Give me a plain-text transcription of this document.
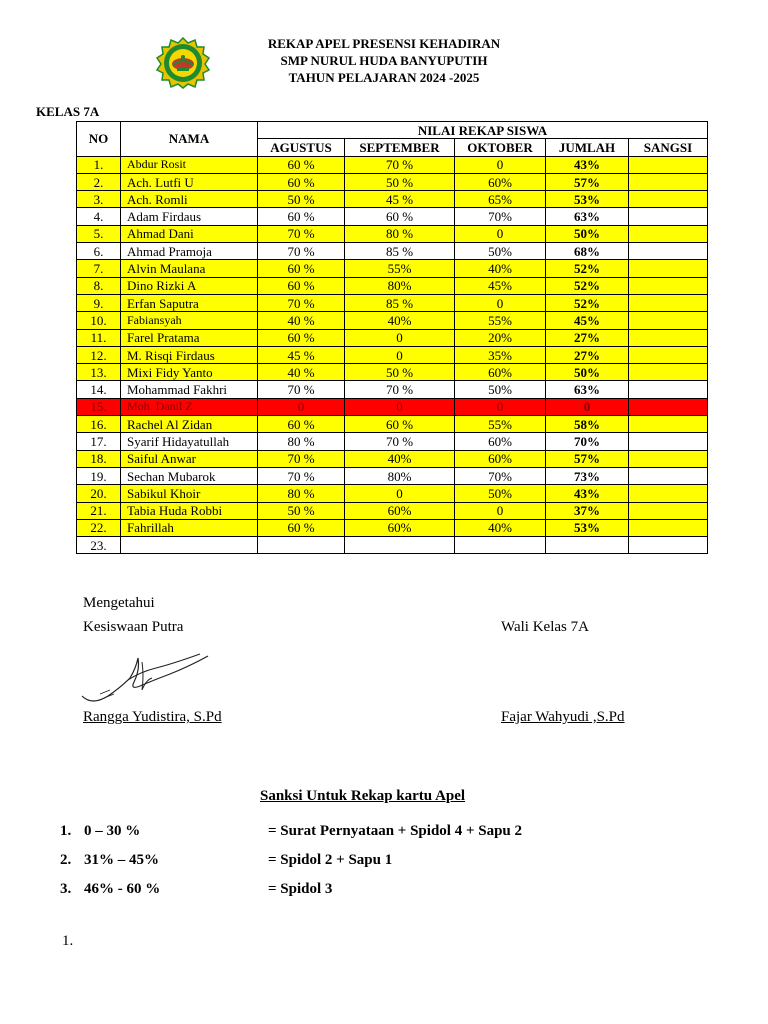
REKAP APEL PRESENSI KEHADIRAN
SMP NURUL HUDA BANYUPUTIH
TAHUN PELAJARAN 2024 -2025
KELAS 7A
NO	NAMA	NILAI REKAP SISWA				
		AGUSTUS	SEPTEMBER	OKTOBER	JUMLAH	SANGSI
1.	Abdur Rosit	60 %	70 %	0	43%	
2.	Ach. Lutfi U	60 %	50 %	60%	57%	
3.	Ach. Romli	50 %	45 %	65%	53%	
4.	Adam Firdaus	60 %	60 %	70%	63%	
5.	Ahmad Dani	70 %	80 %	0	50%	
6.	Ahmad Pramoja	70 %	85 %	50%	68%	
7.	Alvin Maulana	60 %	55%	40%	52%	
8.	Dino Rizki A	60 %	80%	45%	52%	
9.	Erfan Saputra	70 %	85 %	0	52%	
10.	Fabiansyah	40 %	40%	55%	45%	
11.	Farel Pratama	60 %	0	20%	27%	
12.	M. Risqi Firdaus	45 %	0	35%	27%	
13.	Mixi Fidy Yanto	40 %	50 %	60%	50%	
14.	Mohammad Fakhri	70 %	70 %	50%	63%	
15.	Moh. Danil Z	0	0	0	0	
16.	Rachel Al Zidan	60 %	60 %	55%	58%	
17.	Syarif Hidayatullah	80 %	70 %	60%	70%	
18.	Saiful Anwar	70 %	40%	60%	57%	
19.	Sechan Mubarok	70 %	80%	70%	73%	
20.	Sabikul Khoir	80 %	0	50%	43%	
21.	Tabia Huda Robbi	50 %	60%	0	37%	
22.	Fahrillah	60 %	60%	40%	53%	
23.						
Mengetahui
Kesiswaan Putra	Wali Kelas 7A
Rangga Yudistira, S.Pd	Fajar Wahyudi ,S.Pd
Sanksi Untuk Rekap kartu Apel
1. 0 – 30 %	= Surat Pernyataan + Spidol 4 + Sapu 2
2. 31% – 45%	= Spidol 2 + Sapu 1
3. 46% - 60 %	= Spidol 3
1.
